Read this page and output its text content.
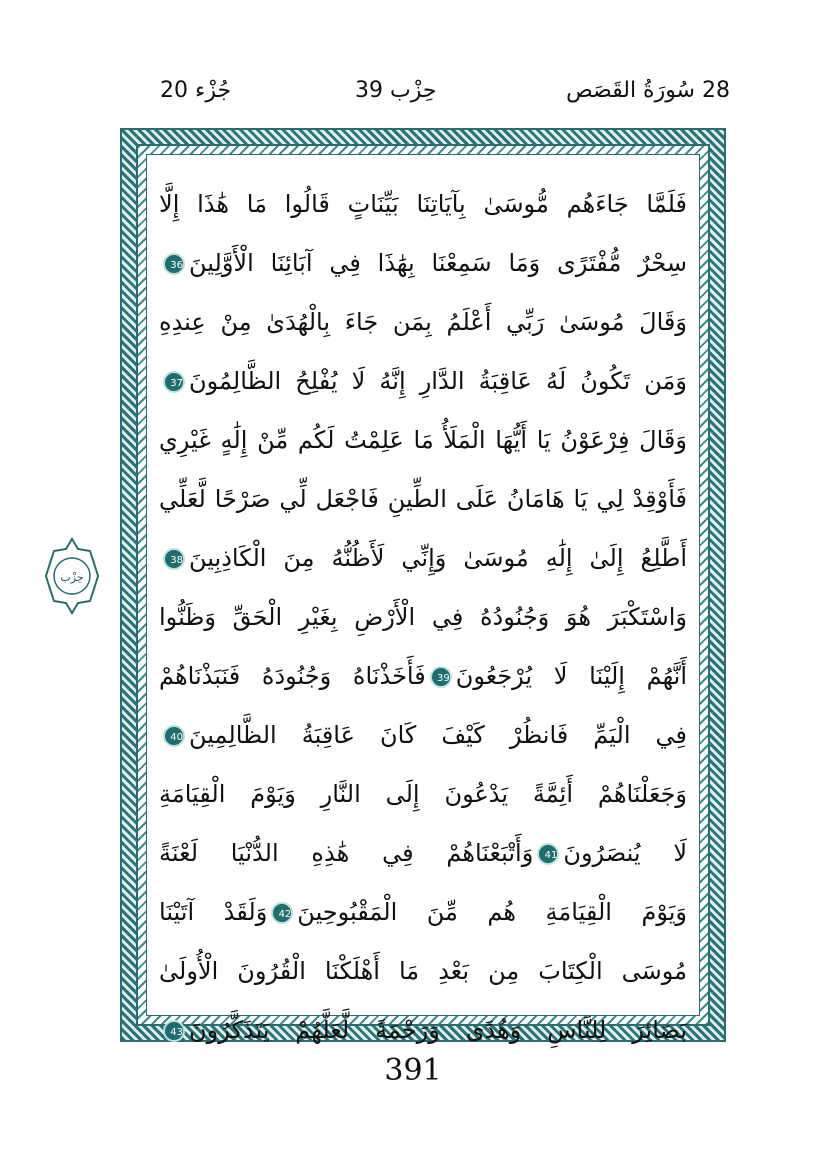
جُزْء 20	حِزْب 39	28 سُورَةُ القَصَص
فَلَمَّا جَاءَهُم مُّوسَىٰ بِآيَاتِنَا بَيِّنَاتٍ قَالُوا مَا هَٰذَا إِلَّا
سِحْرٌ مُّفْتَرًى وَمَا سَمِعْنَا بِهَٰذَا فِي آبَائِنَا الْأَوَّلِينَ36
وَقَالَ مُوسَىٰ رَبِّي أَعْلَمُ بِمَن جَاءَ بِالْهُدَىٰ مِنْ عِندِهِ
وَمَن تَكُونُ لَهُ عَاقِبَةُ الدَّارِ إِنَّهُ لَا يُفْلِحُ الظَّالِمُونَ37
وَقَالَ فِرْعَوْنُ يَا أَيُّهَا الْمَلَأُ مَا عَلِمْتُ لَكُم مِّنْ إِلَٰهٍ غَيْرِي
فَأَوْقِدْ لِي يَا هَامَانُ عَلَى الطِّينِ فَاجْعَل لِّي صَرْحًا لَّعَلِّي
أَطَّلِعُ إِلَىٰ إِلَٰهِ مُوسَىٰ وَإِنِّي لَأَظُنُّهُ مِنَ الْكَاذِبِينَ38
وَاسْتَكْبَرَ هُوَ وَجُنُودُهُ فِي الْأَرْضِ بِغَيْرِ الْحَقِّ وَظَنُّوا
أَنَّهُمْ إِلَيْنَا لَا يُرْجَعُونَ39فَأَخَذْنَاهُ وَجُنُودَهُ فَنَبَذْنَاهُمْ
فِي الْيَمِّ فَانظُرْ كَيْفَ كَانَ عَاقِبَةُ الظَّالِمِينَ40
وَجَعَلْنَاهُمْ أَئِمَّةً يَدْعُونَ إِلَى النَّارِ وَيَوْمَ الْقِيَامَةِ
لَا يُنصَرُونَ41وَأَتْبَعْنَاهُمْ فِي هَٰذِهِ الدُّنْيَا لَعْنَةً
وَيَوْمَ الْقِيَامَةِ هُم مِّنَ الْمَقْبُوحِينَ42وَلَقَدْ آتَيْنَا
مُوسَى الْكِتَابَ مِن بَعْدِ مَا أَهْلَكْنَا الْقُرُونَ الْأُولَىٰ
بَصَائِرَ لِلنَّاسِ وَهُدًى وَرَحْمَةً لَّعَلَّهُمْ يَتَذَكَّرُونَ43
حِزْب
391
